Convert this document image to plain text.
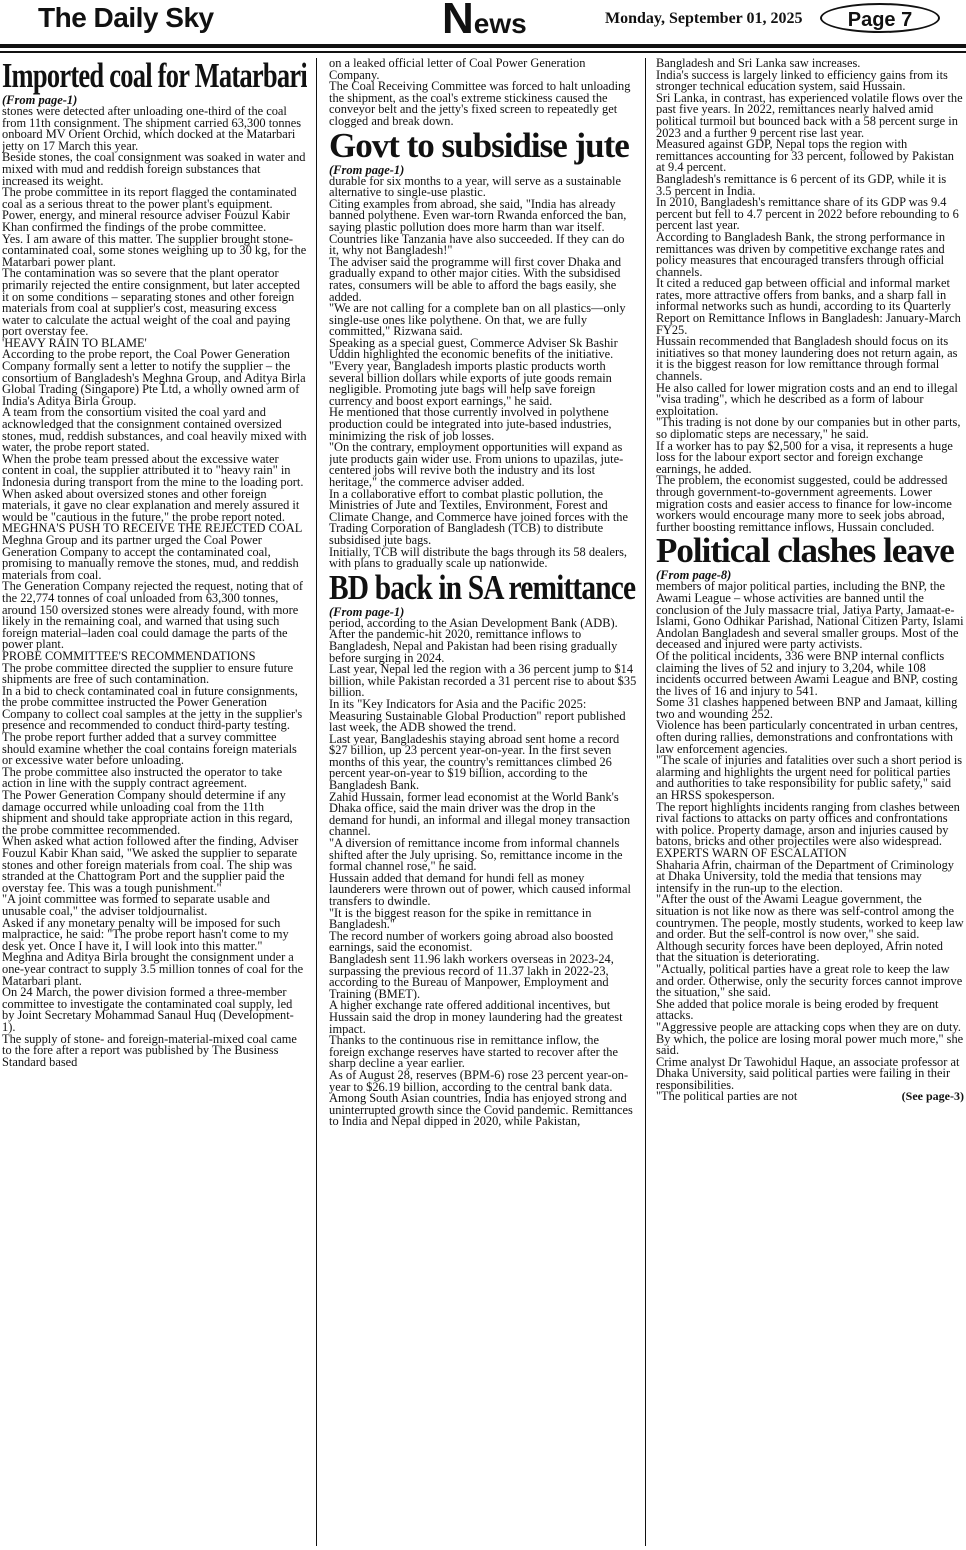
The Daily Sky	News	Monday, September 01, 2025	Page 7
Imported coal for Matarbari
(From page-1)
stones were detected after unloading one-third of the coal from 11th consignment. The shipment carried 63,300 tonnes onboard MV Orient Orchid, which docked at the Matarbari jetty on 17 March this year.
Beside stones, the coal consignment was soaked in water and mixed with mud and reddish foreign substances that increased its weight.
The probe committee in its report flagged the contaminated coal as a serious threat to the power plant's equipment.
Power, energy, and mineral resource adviser Fouzul Kabir Khan confirmed the findings of the probe committee.
Yes. I am aware of this matter. The supplier brought stone-contaminated coal, some stones weighing up to 30 kg, for the Matarbari power plant.
The contamination was so severe that the plant operator primarily rejected the entire consignment, but later accepted it on some conditions – separating stones and other foreign materials from coal at supplier's cost, measuring excess water to calculate the actual weight of the coal and paying port overstay fee.
'HEAVY RAIN TO BLAME'
According to the probe report, the Coal Power Generation Company formally sent a letter to notify the supplier – the consortium of Bangladesh's Meghna Group, and Aditya Birla Global Trading (Singapore) Pte Ltd, a wholly owned arm of India's Aditya Birla Group.
A team from the consortium visited the coal yard and acknowledged that the consignment contained oversized stones, mud, reddish substances, and coal heavily mixed with water, the probe report stated.
When the probe team pressed about the excessive water content in coal, the supplier attributed it to "heavy rain" in Indonesia during transport from the mine to the loading port.
When asked about oversized stones and other foreign materials, it gave no clear explanation and merely assured it would be "cautious in the future," the probe report noted.
MEGHNA'S PUSH TO RECEIVE THE REJECTED COAL
Meghna Group and its partner urged the Coal Power Generation Company to accept the contaminated coal, promising to manually remove the stones, mud, and reddish materials from coal.
The Generation Company rejected the request, noting that of the 22,774 tonnes of coal unloaded from 63,300 tonnes, around 150 oversized stones were already found, with more likely in the remaining coal, and warned that using such foreign material–laden coal could damage the parts of the power plant.
PROBE COMMITTEE'S RECOMMENDATIONS
The probe committee directed the supplier to ensure future shipments are free of such contamination.
In a bid to check contaminated coal in future consignments, the probe committee instructed the Power Generation Company to collect coal samples at the jetty in the supplier's presence and recommended to conduct third-party testing.
The probe report further added that a survey committee should examine whether the coal contains foreign materials or excessive water before unloading.
The probe committee also instructed the operator to take action in line with the supply contract agreement.
The Power Generation Company should determine if any damage occurred while unloading coal from the 11th shipment and should take appropriate action in this regard, the probe committee recommended.
When asked what action followed after the finding, Adviser Fouzul Kabir Khan said, "We asked the supplier to separate stones and other foreign materials from coal. The ship was stranded at the Chattogram Port and the supplier paid the overstay fee. This was a tough punishment."
"A joint committee was formed to separate usable and unusable coal," the adviser toldjournalist.
Asked if any monetary penalty will be imposed for such malpractice, he said: "The probe report hasn't come to my desk yet. Once I have it, I will look into this matter."
Meghna and Aditya Birla brought the consignment under a one-year contract to supply 3.5 million tonnes of coal for the Matarbari plant.
On 24 March, the power division formed a three-member committee to investigate the contaminated coal supply, led by Joint Secretary Mohammad Sanaul Huq (Development-1).
The supply of stone- and foreign-material-mixed coal came to the fore after a report was published by The Business Standard based
on a leaked official letter of Coal Power Generation Company.
The Coal Receiving Committee was forced to halt unloading the shipment, as the coal's extreme stickiness caused the conveyor belt and the jetty's fixed screen to repeatedly get clogged and break down.
Govt to subsidise jute
(From page-1)
durable for six months to a year, will serve as a sustainable alternative to single-use plastic.
Citing examples from abroad, she said, "India has already banned polythene. Even war-torn Rwanda enforced the ban, saying plastic pollution does more harm than war itself. Countries like Tanzania have also succeeded. If they can do it, why not Bangladesh!"
The adviser said the programme will first cover Dhaka and gradually expand to other major cities. With the subsidised rates, consumers will be able to afford the bags easily, she added.
"We are not calling for a complete ban on all plastics—only single-use ones like polythene. On that, we are fully committed," Rizwana said.
Speaking as a special guest, Commerce Adviser Sk Bashir Uddin highlighted the economic benefits of the initiative.
"Every year, Bangladesh imports plastic products worth several billion dollars while exports of jute goods remain negligible. Promoting jute bags will help save foreign currency and boost export earnings," he said.
He mentioned that those currently involved in polythene production could be integrated into jute-based industries, minimizing the risk of job losses.
"On the contrary, employment opportunities will expand as jute products gain wider use. From unions to upazilas, jute-centered jobs will revive both the industry and its lost heritage," the commerce adviser added.
In a collaborative effort to combat plastic pollution, the Ministries of Jute and Textiles, Environment, Forest and Climate Change, and Commerce have joined forces with the Trading Corporation of Bangladesh (TCB) to distribute subsidised jute bags.
Initially, TCB will distribute the bags through its 58 dealers, with plans to gradually scale up nationwide.
BD back in SA remittance
(From page-1)
period, according to the Asian Development Bank (ADB).
After the pandemic-hit 2020, remittance inflows to Bangladesh, Nepal and Pakistan had been rising gradually before surging in 2024.
Last year, Nepal led the region with a 36 percent jump to $14 billion, while Pakistan recorded a 31 percent rise to about $35 billion.
In its "Key Indicators for Asia and the Pacific 2025: Measuring Sustainable Global Production" report published last week, the ADB showed the trend.
Last year, Bangladeshis staying abroad sent home a record $27 billion, up 23 percent year-on-year. In the first seven months of this year, the country's remittances climbed 26 percent year-on-year to $19 billion, according to the Bangladesh Bank.
Zahid Hussain, former lead economist at the World Bank's Dhaka office, said the main driver was the drop in the demand for hundi, an informal and illegal money transaction channel.
"A diversion of remittance income from informal channels shifted after the July uprising. So, remittance income in the formal channel rose," he said.
Hussain added that demand for hundi fell as money launderers were thrown out of power, which caused informal transfers to dwindle.
"It is the biggest reason for the spike in remittance in Bangladesh."
The record number of workers going abroad also boosted earnings, said the economist.
Bangladesh sent 11.96 lakh workers overseas in 2023-24, surpassing the previous record of 11.37 lakh in 2022-23, according to the Bureau of Manpower, Employment and Training (BMET).
A higher exchange rate offered additional incentives, but Hussain said the drop in money laundering had the greatest impact.
Thanks to the continuous rise in remittance inflow, the foreign exchange reserves have started to recover after the sharp decline a year earlier.
As of August 28, reserves (BPM-6) rose 23 percent year-on-year to $26.19 billion, according to the central bank data.
Among South Asian countries, India has enjoyed strong and uninterrupted growth since the Covid pandemic. Remittances to India and Nepal dipped in 2020, while Pakistan,
Bangladesh and Sri Lanka saw increases.
India's success is largely linked to efficiency gains from its stronger technical education system, said Hussain.
Sri Lanka, in contrast, has experienced volatile flows over the past five years. In 2022, remittances nearly halved amid political turmoil but bounced back with a 58 percent surge in 2023 and a further 9 percent rise last year.
Measured against GDP, Nepal tops the region with remittances accounting for 33 percent, followed by Pakistan at 9.4 percent.
Bangladesh's remittance is 6 percent of its GDP, while it is 3.5 percent in India.
In 2010, Bangladesh's remittance share of its GDP was 9.4 percent but fell to 4.7 percent in 2022 before rebounding to 6 percent last year.
According to Bangladesh Bank, the strong performance in remittances was driven by competitive exchange rates and policy measures that encouraged transfers through official channels.
It cited a reduced gap between official and informal market rates, more attractive offers from banks, and a sharp fall in informal networks such as hundi, according to its Quarterly Report on Remittance Inflows in Bangladesh: January-March FY25.
Hussain recommended that Bangladesh should focus on its initiatives so that money laundering does not return again, as it is the biggest reason for low remittance through formal channels.
He also called for lower migration costs and an end to illegal "visa trading", which he described as a form of labour exploitation.
"This trading is not done by our companies but in other parts, so diplomatic steps are necessary," he said.
If a worker has to pay $2,500 for a visa, it represents a huge loss for the labour export sector and foreign exchange earnings, he added.
The problem, the economist suggested, could be addressed through government-to-government agreements. Lower migration costs and easier access to finance for low-income workers would encourage many more to seek jobs abroad, further boosting remittance inflows, Hussain concluded.
Political clashes leave
(From page-8)
members of major political parties, including the BNP, the Awami League – whose activities are banned until the conclusion of the July massacre trial, Jatiya Party, Jamaat-e-Islami, Gono Odhikar Parishad, National Citizen Party, Islami Andolan Bangladesh and several smaller groups. Most of the deceased and injured were party activists.
Of the political incidents, 336 were BNP internal conflicts claiming the lives of 52 and injury to 3,204, while 108 incidents occurred between Awami League and BNP, costing the lives of 16 and injury to 541.
Some 31 clashes happened between BNP and Jamaat, killing two and wounding 252.
Violence has been particularly concentrated in urban centres, often during rallies, demonstrations and confrontations with law enforcement agencies.
"The scale of injuries and fatalities over such a short period is alarming and highlights the urgent need for political parties and authorities to take responsibility for public safety," said an HRSS spokesperson.
The report highlights incidents ranging from clashes between rival factions to attacks on party offices and confrontations with police. Property damage, arson and injuries caused by batons, bricks and other projectiles were also widespread.
EXPERTS WARN OF ESCALATION
Shaharia Afrin, chairman of the Department of Criminology at Dhaka University, told the media that tensions may intensify in the run-up to the election.
"After the oust of the Awami League government, the situation is not like now as there was self-control among the countrymen. The people, mostly students, worked to keep law and order. But the self-control is now over," she said.
Although security forces have been deployed, Afrin noted that the situation is deteriorating.
"Actually, political parties have a great role to keep the law and order. Otherwise, only the security forces cannot improve the situation," she said.
She added that police morale is being eroded by frequent attacks.
"Aggressive people are attacking cops when they are on duty. By which, the police are losing moral power much more," she said.
Crime analyst Dr Tawohidul Haque, an associate professor at Dhaka University, said political parties were failing in their responsibilities.
(See page-3)
"The political parties are not
